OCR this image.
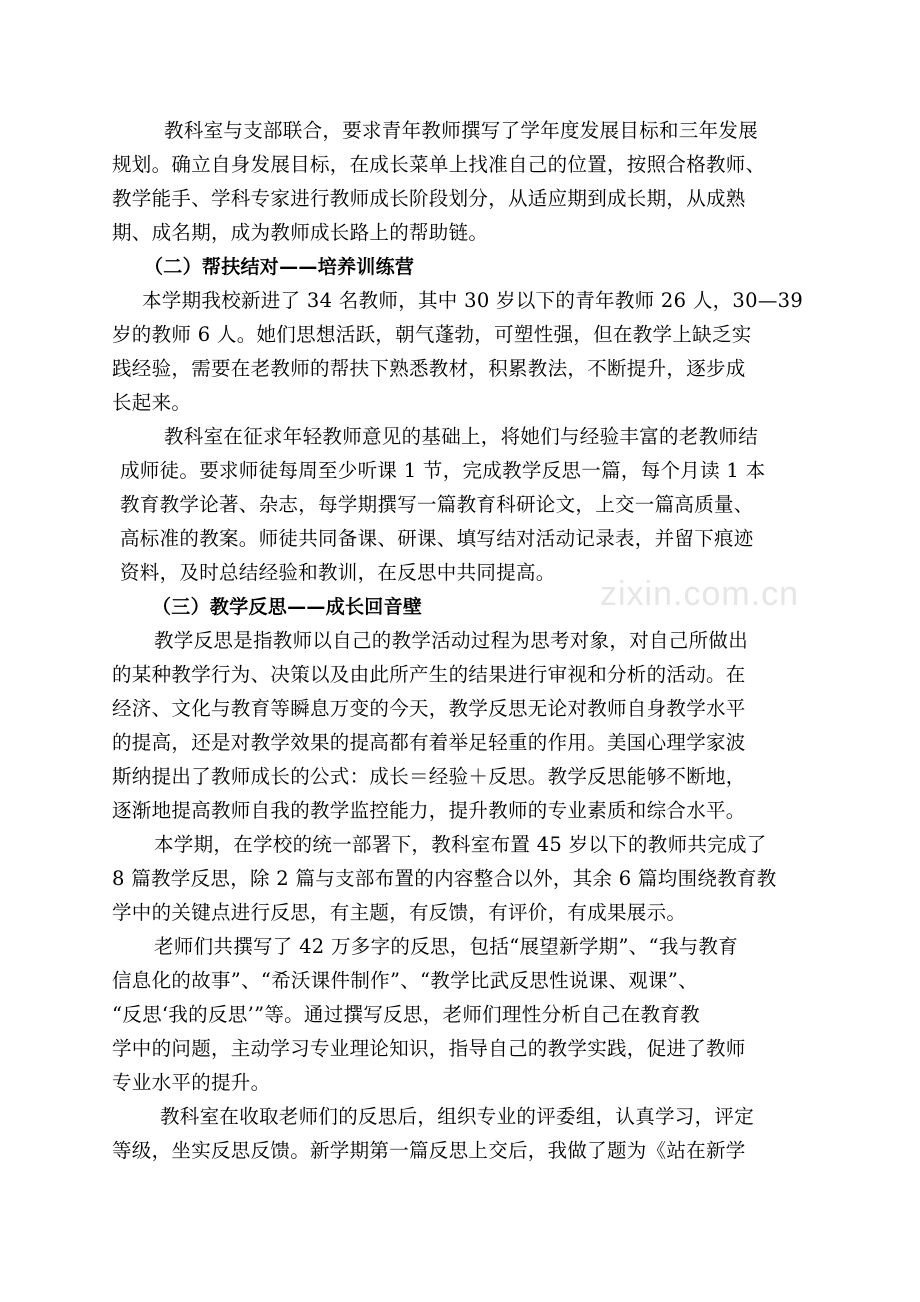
zixin.com.cn
教科室与支部联合，要求青年教师撰写了学年度发展目标和三年发展
规划。确立自身发展目标，在成长菜单上找准自己的位置，按照合格教师、
教学能手、学科专家进行教师成长阶段划分，从适应期到成长期，从成熟
期、成名期，成为教师成长路上的帮助链。
（二）帮扶结对——培养训练营
本学期我校新进了 34 名教师，其中 30 岁以下的青年教师 26 人，30—39
岁的教师 6 人。她们思想活跃，朝气蓬勃，可塑性强，但在教学上缺乏实
践经验，需要在老教师的帮扶下熟悉教材，积累教法，不断提升，逐步成
长起来。
教科室在征求年轻教师意见的基础上，将她们与经验丰富的老教师结
成师徒。要求师徒每周至少听课 1 节，完成教学反思一篇，每个月读 1 本
教育教学论著、杂志，每学期撰写一篇教育科研论文，上交一篇高质量、
高标准的教案。师徒共同备课、研课、填写结对活动记录表，并留下痕迹
资料，及时总结经验和教训，在反思中共同提高。
（三）教学反思——成长回音壁
教学反思是指教师以自己的教学活动过程为思考对象，对自己所做出
的某种教学行为、决策以及由此所产生的结果进行审视和分析的活动。在
经济、文化与教育等瞬息万变的今天，教学反思无论对教师自身教学水平
的提高，还是对教学效果的提高都有着举足轻重的作用。美国心理学家波
斯纳提出了教师成长的公式：成长＝经验＋反思。教学反思能够不断地，
逐渐地提高教师自我的教学监控能力，提升教师的专业素质和综合水平。
本学期，在学校的统一部署下，教科室布置 45 岁以下的教师共完成了
8 篇教学反思，除 2 篇与支部布置的内容整合以外，其余 6 篇均围绕教育教
学中的关键点进行反思，有主题，有反馈，有评价，有成果展示。
老师们共撰写了 42 万多字的反思，包括“展望新学期”、“我与教育
信息化的故事”、“希沃课件制作”、“教学比武反思性说课、观课”、
“反思‘我的反思’”等。通过撰写反思，老师们理性分析自己在教育教
学中的问题，主动学习专业理论知识，指导自己的教学实践，促进了教师
专业水平的提升。
教科室在收取老师们的反思后，组织专业的评委组，认真学习，评定
等级，坐实反思反馈。新学期第一篇反思上交后，我做了题为《站在新学
